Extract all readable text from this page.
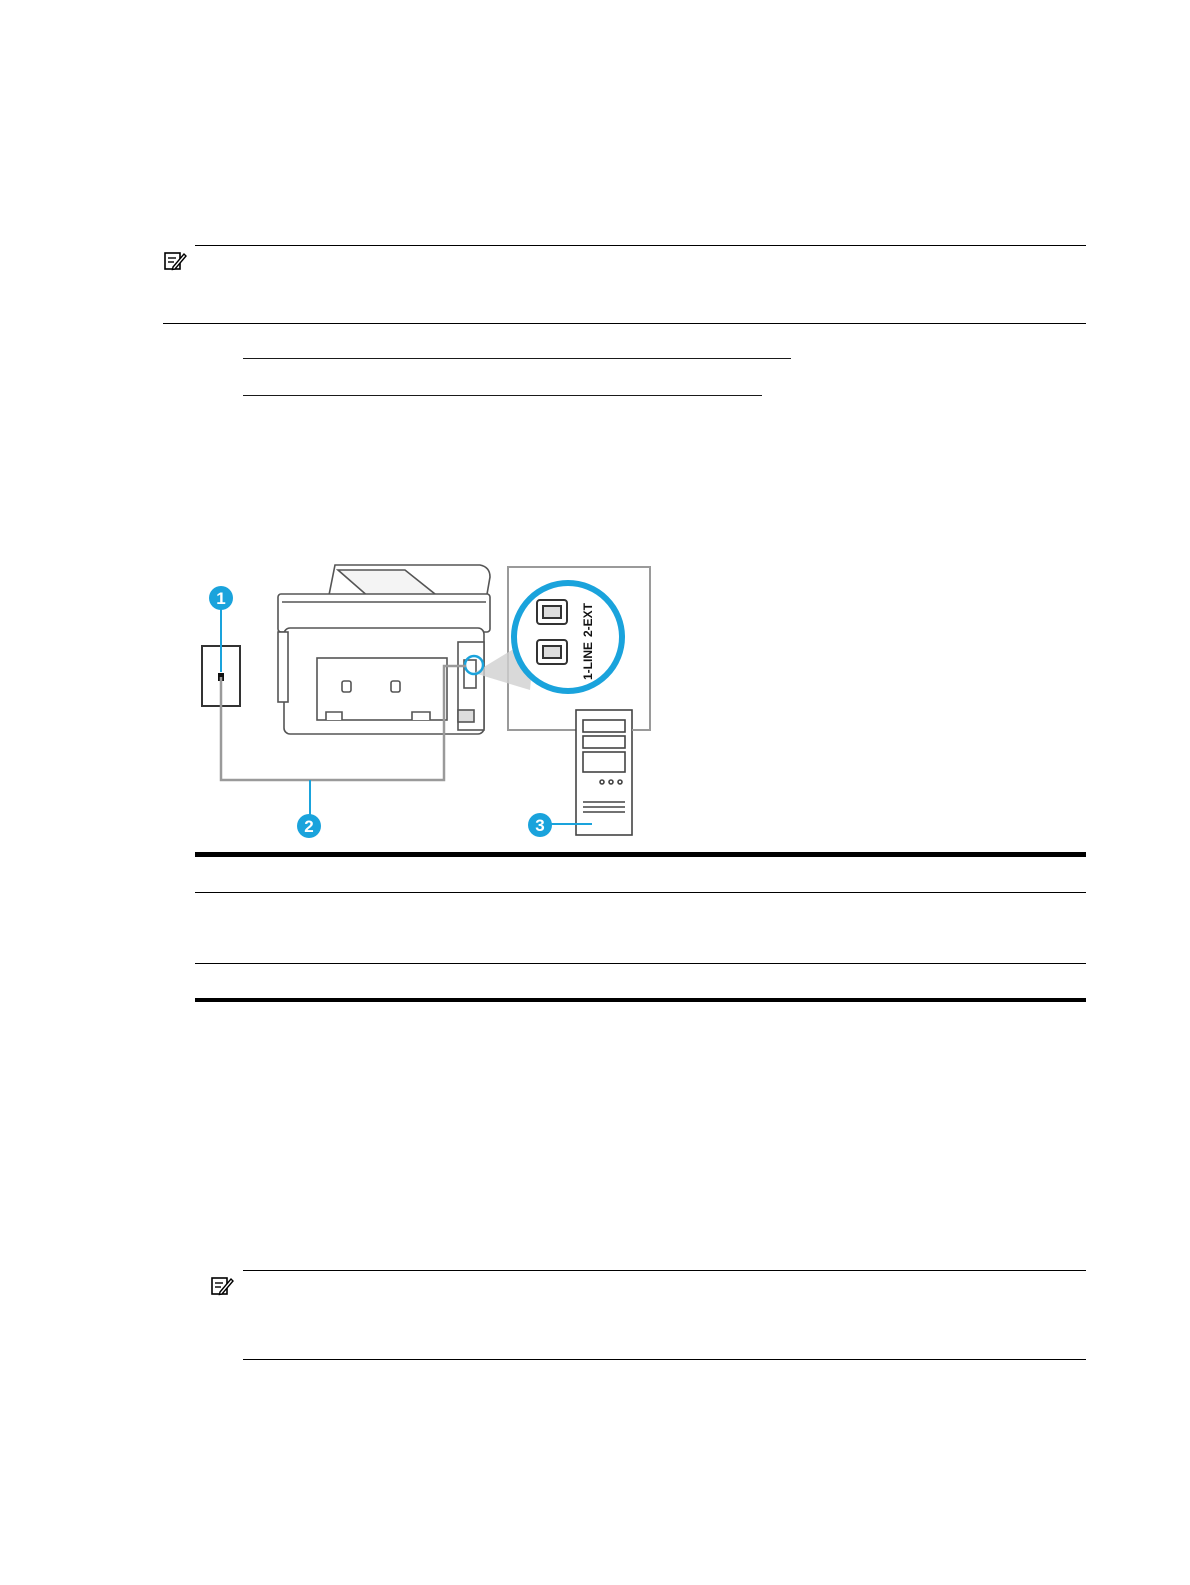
2-EXT
1-LINE
1
2	3
